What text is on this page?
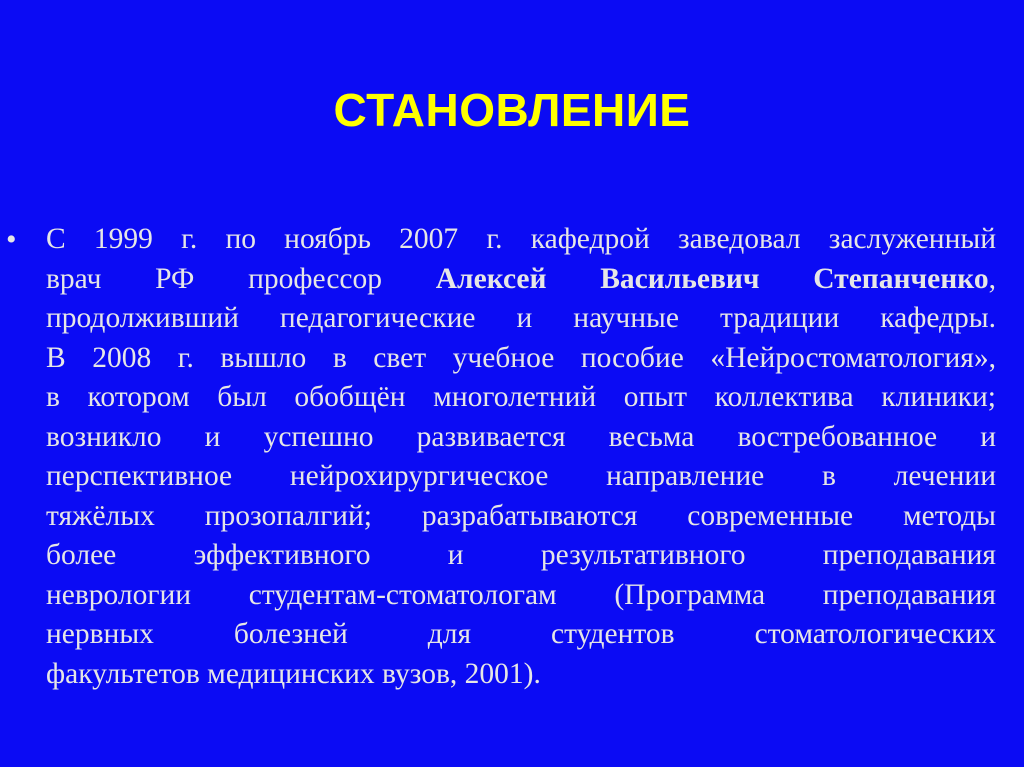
СТАНОВЛЕНИЕ
• С 1999 г. по ноябрь 2007 г. кафедрой заведовал заслуженный
врач РФ профессор Алексей Васильевич Степанченко,
продолживший педагогические и научные традиции кафедры.
В 2008 г. вышло в свет учебное пособие «Нейростоматология»,
в котором был обобщён многолетний опыт коллектива клиники;
возникло и успешно развивается весьма востребованное и
перспективное нейрохирургическое направление в лечении
тяжёлых прозопалгий; разрабатываются современные методы
более эффективного и результативного преподавания
неврологии студентам-стоматологам (Программа преподавания
нервных болезней для студентов стоматологических
факультетов медицинских вузов, 2001).
